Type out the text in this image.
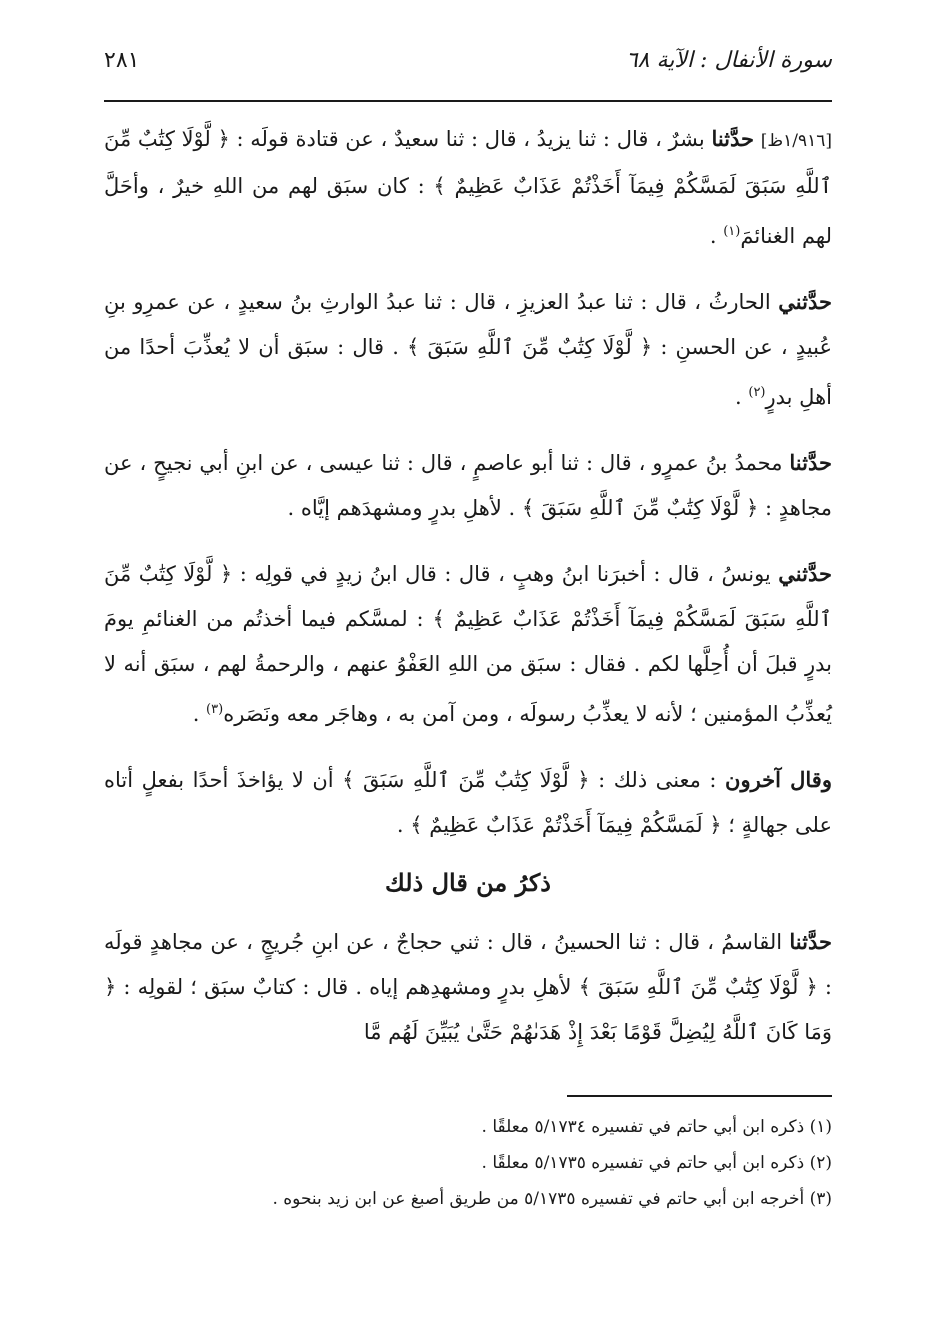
سورة الأنفال : الآية ٦٨
٢٨١

[١/٩١٦ظ] حدَّثنا بشرٌ ، قال : ثنا يزيدُ ، قال : ثنا سعيدٌ ، عن قتادة قولَه : ﴿ لَّوْلَا كِتَٰبٌ مِّنَ ٱللَّهِ سَبَقَ لَمَسَّكُمْ فِيمَآ أَخَذْتُمْ عَذَابٌ عَظِيمٌ ﴾ : كان سبَق لهم من اللهِ خيرٌ ، وأحَلَّ لهم الغنائمَ$^{(١)}$ .

حدَّثني الحارثُ ، قال : ثنا عبدُ العزيزِ ، قال : ثنا عبدُ الوارثِ بنُ سعيدٍ ، عن عمرِو بنِ عُبيدٍ ، عن الحسنِ : ﴿ لَّوْلَا كِتَٰبٌ مِّنَ ٱللَّهِ سَبَقَ ﴾ . قال : سبَق أن لا يُعذِّبَ أحدًا من أهلِ بدرٍ$^{(٢)}$ .

حدَّثنا محمدُ بنُ عمرٍو ، قال : ثنا أبو عاصمٍ ، قال : ثنا عيسى ، عن ابنِ أبي نجيحٍ ، عن مجاهدٍ : ﴿ لَّوْلَا كِتَٰبٌ مِّنَ ٱللَّهِ سَبَقَ ﴾ . لأهلِ بدرٍ ومشهدَهم إيَّاه .

حدَّثني يونسُ ، قال : أخبرَنا ابنُ وهبٍ ، قال : قال ابنُ زيدٍ في قولِه : ﴿ لَّوْلَا كِتَٰبٌ مِّنَ ٱللَّهِ سَبَقَ لَمَسَّكُمْ فِيمَآ أَخَذْتُمْ عَذَابٌ عَظِيمٌ ﴾ : لمسَّكم فيما أخذتُم من الغنائمِ يومَ بدرٍ قبلَ أن أُحِلَّها لكم . فقال : سبَق من اللهِ العَفْوُ عنهم ، والرحمةُ لهم ، سبَق أنه لا يُعذِّبُ المؤمنين ؛ لأنه لا يعذِّبُ رسولَه ، ومن آمن به ، وهاجَر معه ونَصَره$^{(٣)}$ .

وقال آخرون : معنى ذلك : ﴿ لَّوْلَا كِتَٰبٌ مِّنَ ٱللَّهِ سَبَقَ ﴾ أن لا يؤاخذَ أحدًا بفعلٍ أتاه على جهالةٍ ؛ ﴿ لَمَسَّكُمْ فِيمَآ أَخَذْتُمْ عَذَابٌ عَظِيمٌ ﴾ .

ذكرُ من قال ذلك

حدَّثنا القاسمُ ، قال : ثنا الحسينُ ، قال : ثني حجاجٌ ، عن ابنِ جُريجٍ ، عن مجاهدٍ قولَه : ﴿ لَّوْلَا كِتَٰبٌ مِّنَ ٱللَّهِ سَبَقَ ﴾ لأهلِ بدرٍ ومشهدِهم إياه . قال : كتابٌ سبَق ؛ لقولِه : ﴿ وَمَا كَانَ ٱللَّهُ لِيُضِلَّ قَوْمًا بَعْدَ إِذْ هَدَىٰهُمْ حَتَّىٰ يُبَيِّنَ لَهُم مَّا

(١) ذكره ابن أبي حاتم في تفسيره ٥/١٧٣٤ معلقًا .
(٢) ذكره ابن أبي حاتم في تفسيره ٥/١٧٣٥ معلقًا .
(٣) أخرجه ابن أبي حاتم في تفسيره ٥/١٧٣٥ من طريق أصبغ عن ابن زيد بنحوه .
